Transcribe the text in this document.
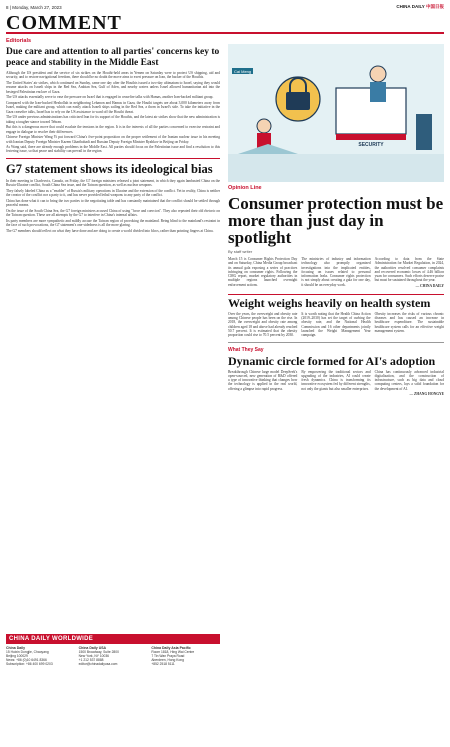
8 | Monday, March 27, 2023	CHINA DAILY 中国日报
COMMENT
Editorials
Due care and attention to all parties' concerns key to peace and stability in the Middle East

Although the US president and the service of six strikes on the Houthi-held areas in Yemen on Saturday were to protect US shipping, aid and security, and to restore navigational freedom, there should be no doubt the move aims to exert pressure on Iran, the backer of the Houthis.

The United States' air strikes, which continued on Sunday, came one day after the Houthis issued a two-day ultimatum to Israel, saying they would resume attacks on Israeli ships in the Red Sea, Arabian Sea, Gulf of Aden, and nearby waters unless Israel allowed humanitarian aid into the besieged Palestinian enclave of Gaza.

The US attacks essentially serve to ease the pressure on Israel that is engaged in ceasefire talks with Hamas, another Iran-backed militant group.

Compared with the Iran-backed Hezbollah in neighboring Lebanon and Hamas in Gaza, the Houthi targets are about 3,000 kilometers away from Israel, making the militant group, which can easily attack Israeli ships sailing in the Red Sea, a thorn in Israel's side. To take the initiative in the Gaza ceasefire talks, Israel has to rely on the US assistance to ward off the Houthi threat.

The US under previous administrations has criticized Iran for its support of the Houthis, and the latest air strikes show that the new administration is taking a tougher stance toward Tehran.

But this is a dangerous move that could escalate the tensions in the region. It is in the interests of all the parties concerned to exercise restraint and engage in dialogue to resolve their differences.

Chinese Foreign Minister Wang Yi put forward China's five-point proposition on the proper settlement of the Iranian nuclear issue in his meeting with Iranian Deputy Foreign Minister Kazem Gharibabadi and Russian Deputy Foreign Minister Ryabkov in Beijing on Friday.

As Wang said, there are already enough problems in the Middle East. All parties should focus on the Palestinian issue and find a resolution to this festering issue, so that peace and stability can prevail in the region.

G7 statement shows its ideological bias

In their meeting in Charlevoix, Canada, on Friday, the G7 foreign ministers released a joint statement, in which they again lambasted China on the Russia-Ukraine conflict, South China Sea issue, and the Taiwan question, as well as nuclear weapons.

They falsely labeled China as a "enabler" of Russia's military operations in Ukraine and the extension of the conflict. Yet in reality, China is neither the creator of the conflict nor a party to it, and has never provided lethal weapons to any party of the conflict.

China has done what it can to bring the two parties to the negotiating table and has constantly maintained that the conflict should be settled through peaceful means.

On the issue of the South China Sea, the G7 foreign ministers accused China of using "force and coercion". They also repeated their old rhetoric on the Taiwan question. These are all attempts by the G7 to interfere in China's internal affairs.

Its party members are more sympathetic and mildly accuse the Taiwan region of provoking the mainland. Being blind to the mainland's restraint in the face of such provocations, the G7 statement's one-sidedness is all the more glaring.

The G7 members should reflect on what they have done and are doing to create a world divided into blocs, rather than pointing fingers at China.

CHINA DAILY WORLDWIDE
China Daily
15 Huixin Dongjie, Chaoyang
Beijing 100029
News: +86 (0)10 6491 8366
Subscription: +86 400 699 0203
China Daily USA
1500 Broadway, Suite 2800
New York, NY 10036
+1 212 537 8888
editor@chinadailyusa.com
China Daily Asia Pacific
Room 1818, Hing Wai Centre
7 Tin Wan Praya Road
Aberdeen, Hong Kong
+852 2518 5111
SECURITY
Cai Meng
Opinion Line
Consumer protection must be more than just day in spotlight
By staff writer

March 15 is Consumer Rights Protection Day and on Saturday, China Media Group broadcast its annual gala exposing a series of practices infringing on consumer rights. Following the CMG report, market regulatory authorities in multiple regions launched overnight enforcement actions.

The ministries of industry and information technology also promptly organized investigations into the implicated entities, focusing on issues related to personal information leaks. Consumer rights protection is not simply about creating a gala for one day, it should be an everyday work.

According to data from the State Administration for Market Regulation, in 2024, the authorities resolved consumer complaints and recovered economic losses of 4.46 billion yuan for consumers. Such efforts deserve praise but must be sustained throughout the year.

— CHINA DAILY

Weight weighs heavily on health system

Over the years, the overweight and obesity rate among Chinese people has been on the rise. In 2018, the overweight and obesity rate among children aged 18 and above had already reached 50.7 percent. It is estimated that the obesity proportion could rise to 70.5 percent by 2030.

It is worth noting that the Health China Action (2019–2030) has set the target of curbing the obesity rate, and the National Health Commission and 16 other departments jointly launched the Weight Management Year campaign.

Obesity increases the risks of various chronic diseases and has caused an increase in healthcare expenditure. The sustainable healthcare system calls for an effective weight management system.

What They Say
Dynamic circle formed for AI's adoption

Breakthrough Chinese large model DeepSeek's open-sourced, new generation of R&D offered a type of innovative thinking that changes how the technology is applied in the real world, offering a glimpse into rapid progress.

By empowering the traditional sectors and upgrading of the industries, AI could create fresh dynamics. China is transforming its innovative ecosystem fed by different strengths, not only the giants but also smaller enterprises.

China has continuously advanced industrial digitalization, and the construction of infrastructure, such as big data and cloud computing centers, lays a solid foundation for the development of AI.

— ZHANG HONGYE
